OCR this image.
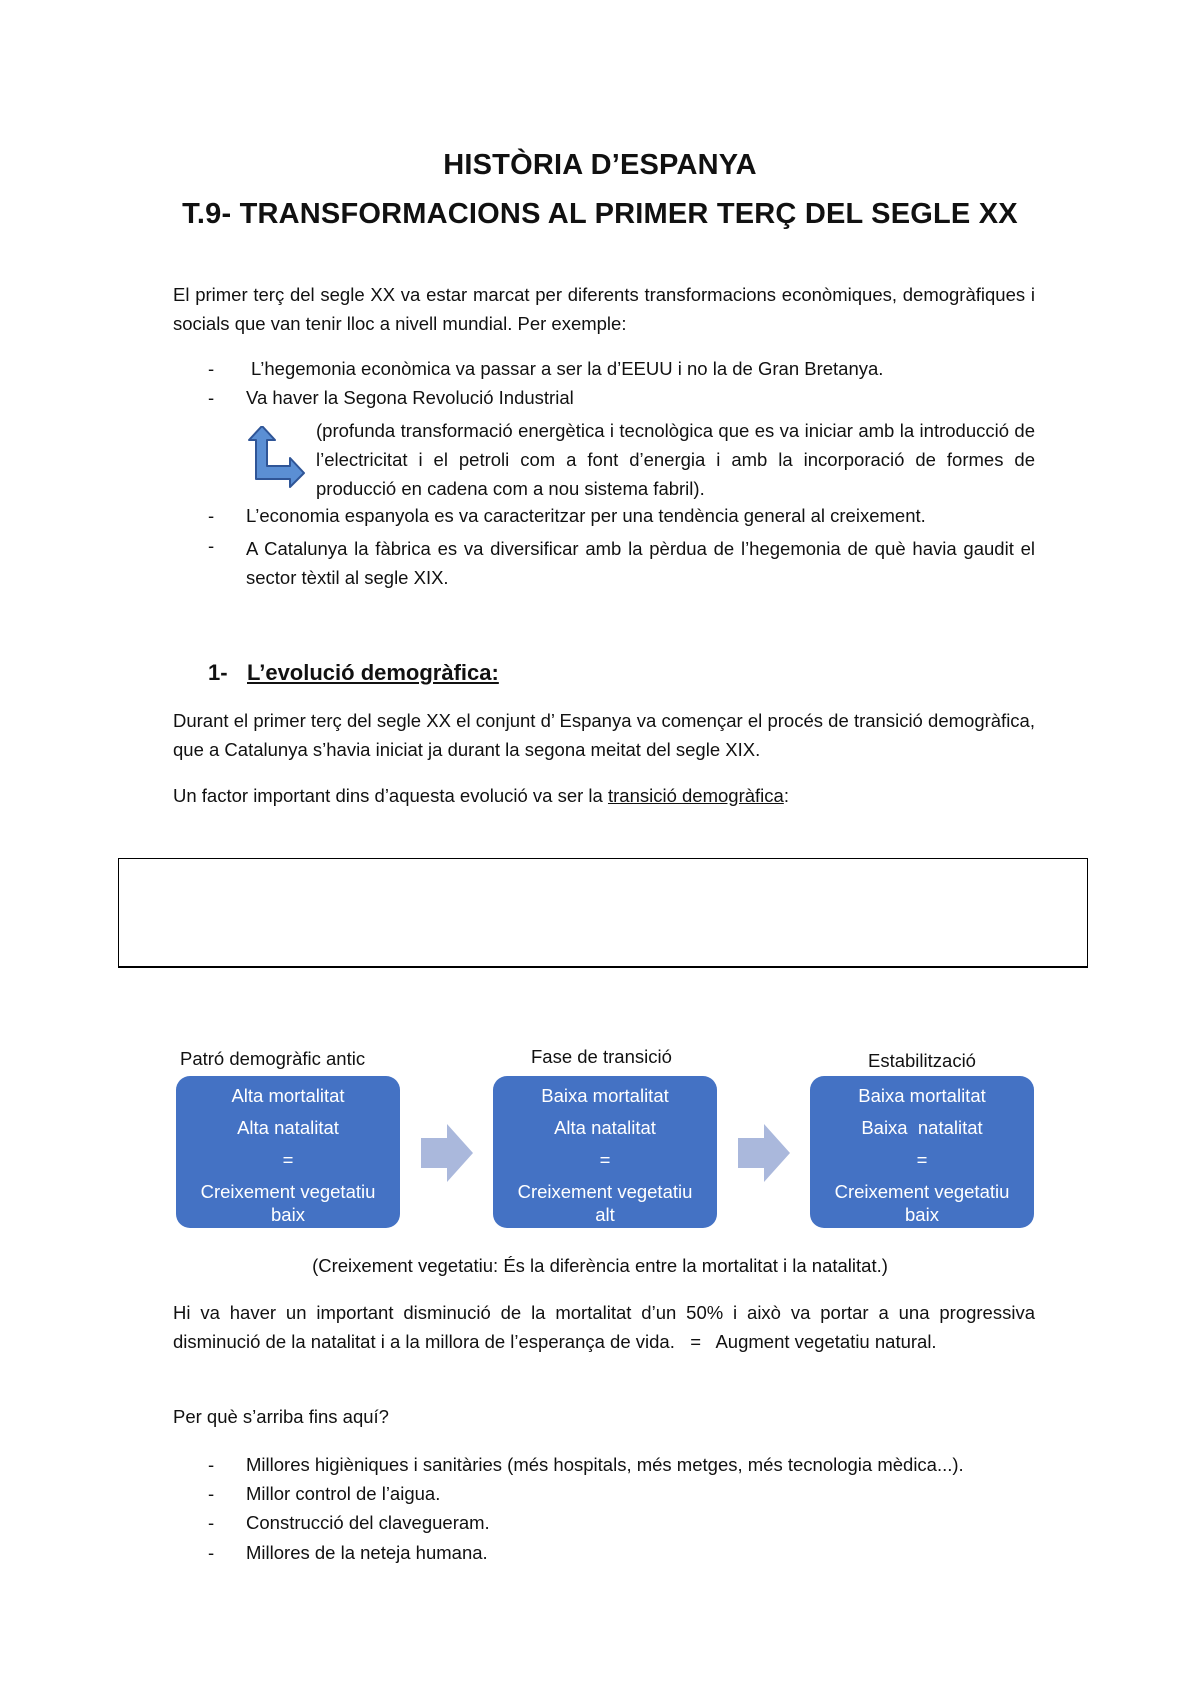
HISTÒRIA D’ESPANYA
T.9- TRANSFORMACIONS AL PRIMER TERÇ DEL SEGLE XX
El primer terç del segle XX va estar marcat per diferents transformacions econòmiques, demogràfiques i socials que van tenir lloc a nivell mundial. Per exemple:
- L’hegemonia econòmica va passar a ser la d’EEUU i no la de Gran Bretanya.
- Va haver la Segona Revolució Industrial
(profunda transformació energètica i tecnològica que es va iniciar amb la introducció de l’electricitat i el petroli com a font d’energia i amb la incorporació de formes de producció en cadena com a nou sistema fabril).
- L’economia espanyola es va caracteritzar per una tendència general al creixement.
- A Catalunya la fàbrica es va diversificar amb la pèrdua de l’hegemonia de què havia gaudit el sector tèxtil al segle XIX.
1- L’evolució demogràfica:
Durant el primer terç del segle XX el conjunt d’ Espanya va començar el procés de transició demogràfica, que a Catalunya s’havia iniciat ja durant la segona meitat del segle XIX.
Un factor important dins d’aquesta evolució va ser la transició demogràfica:
Patró demogràfic antic	Fase de transició	Estabilització
Alta mortalitat
Alta natalitat
=
Creixement vegetatiu
baix
Baixa mortalitat
Alta natalitat
=
Creixement vegetatiu
alt
Baixa mortalitat
Baixa  natalitat
=
Creixement vegetatiu
baix
(Creixement vegetatiu: És la diferència entre la mortalitat i la natalitat.)
Hi va haver un important disminució de la mortalitat d’un 50% i això va portar a una progressiva disminució de la natalitat i a la millora de l’esperança de vida.   =   Augment vegetatiu natural.
Per què s’arriba fins aquí?
- Millores higièniques i sanitàries (més hospitals, més metges, més tecnologia mèdica...).
- Millor control de l’aigua.
- Construcció del clavegueram.
- Millores de la neteja humana.
